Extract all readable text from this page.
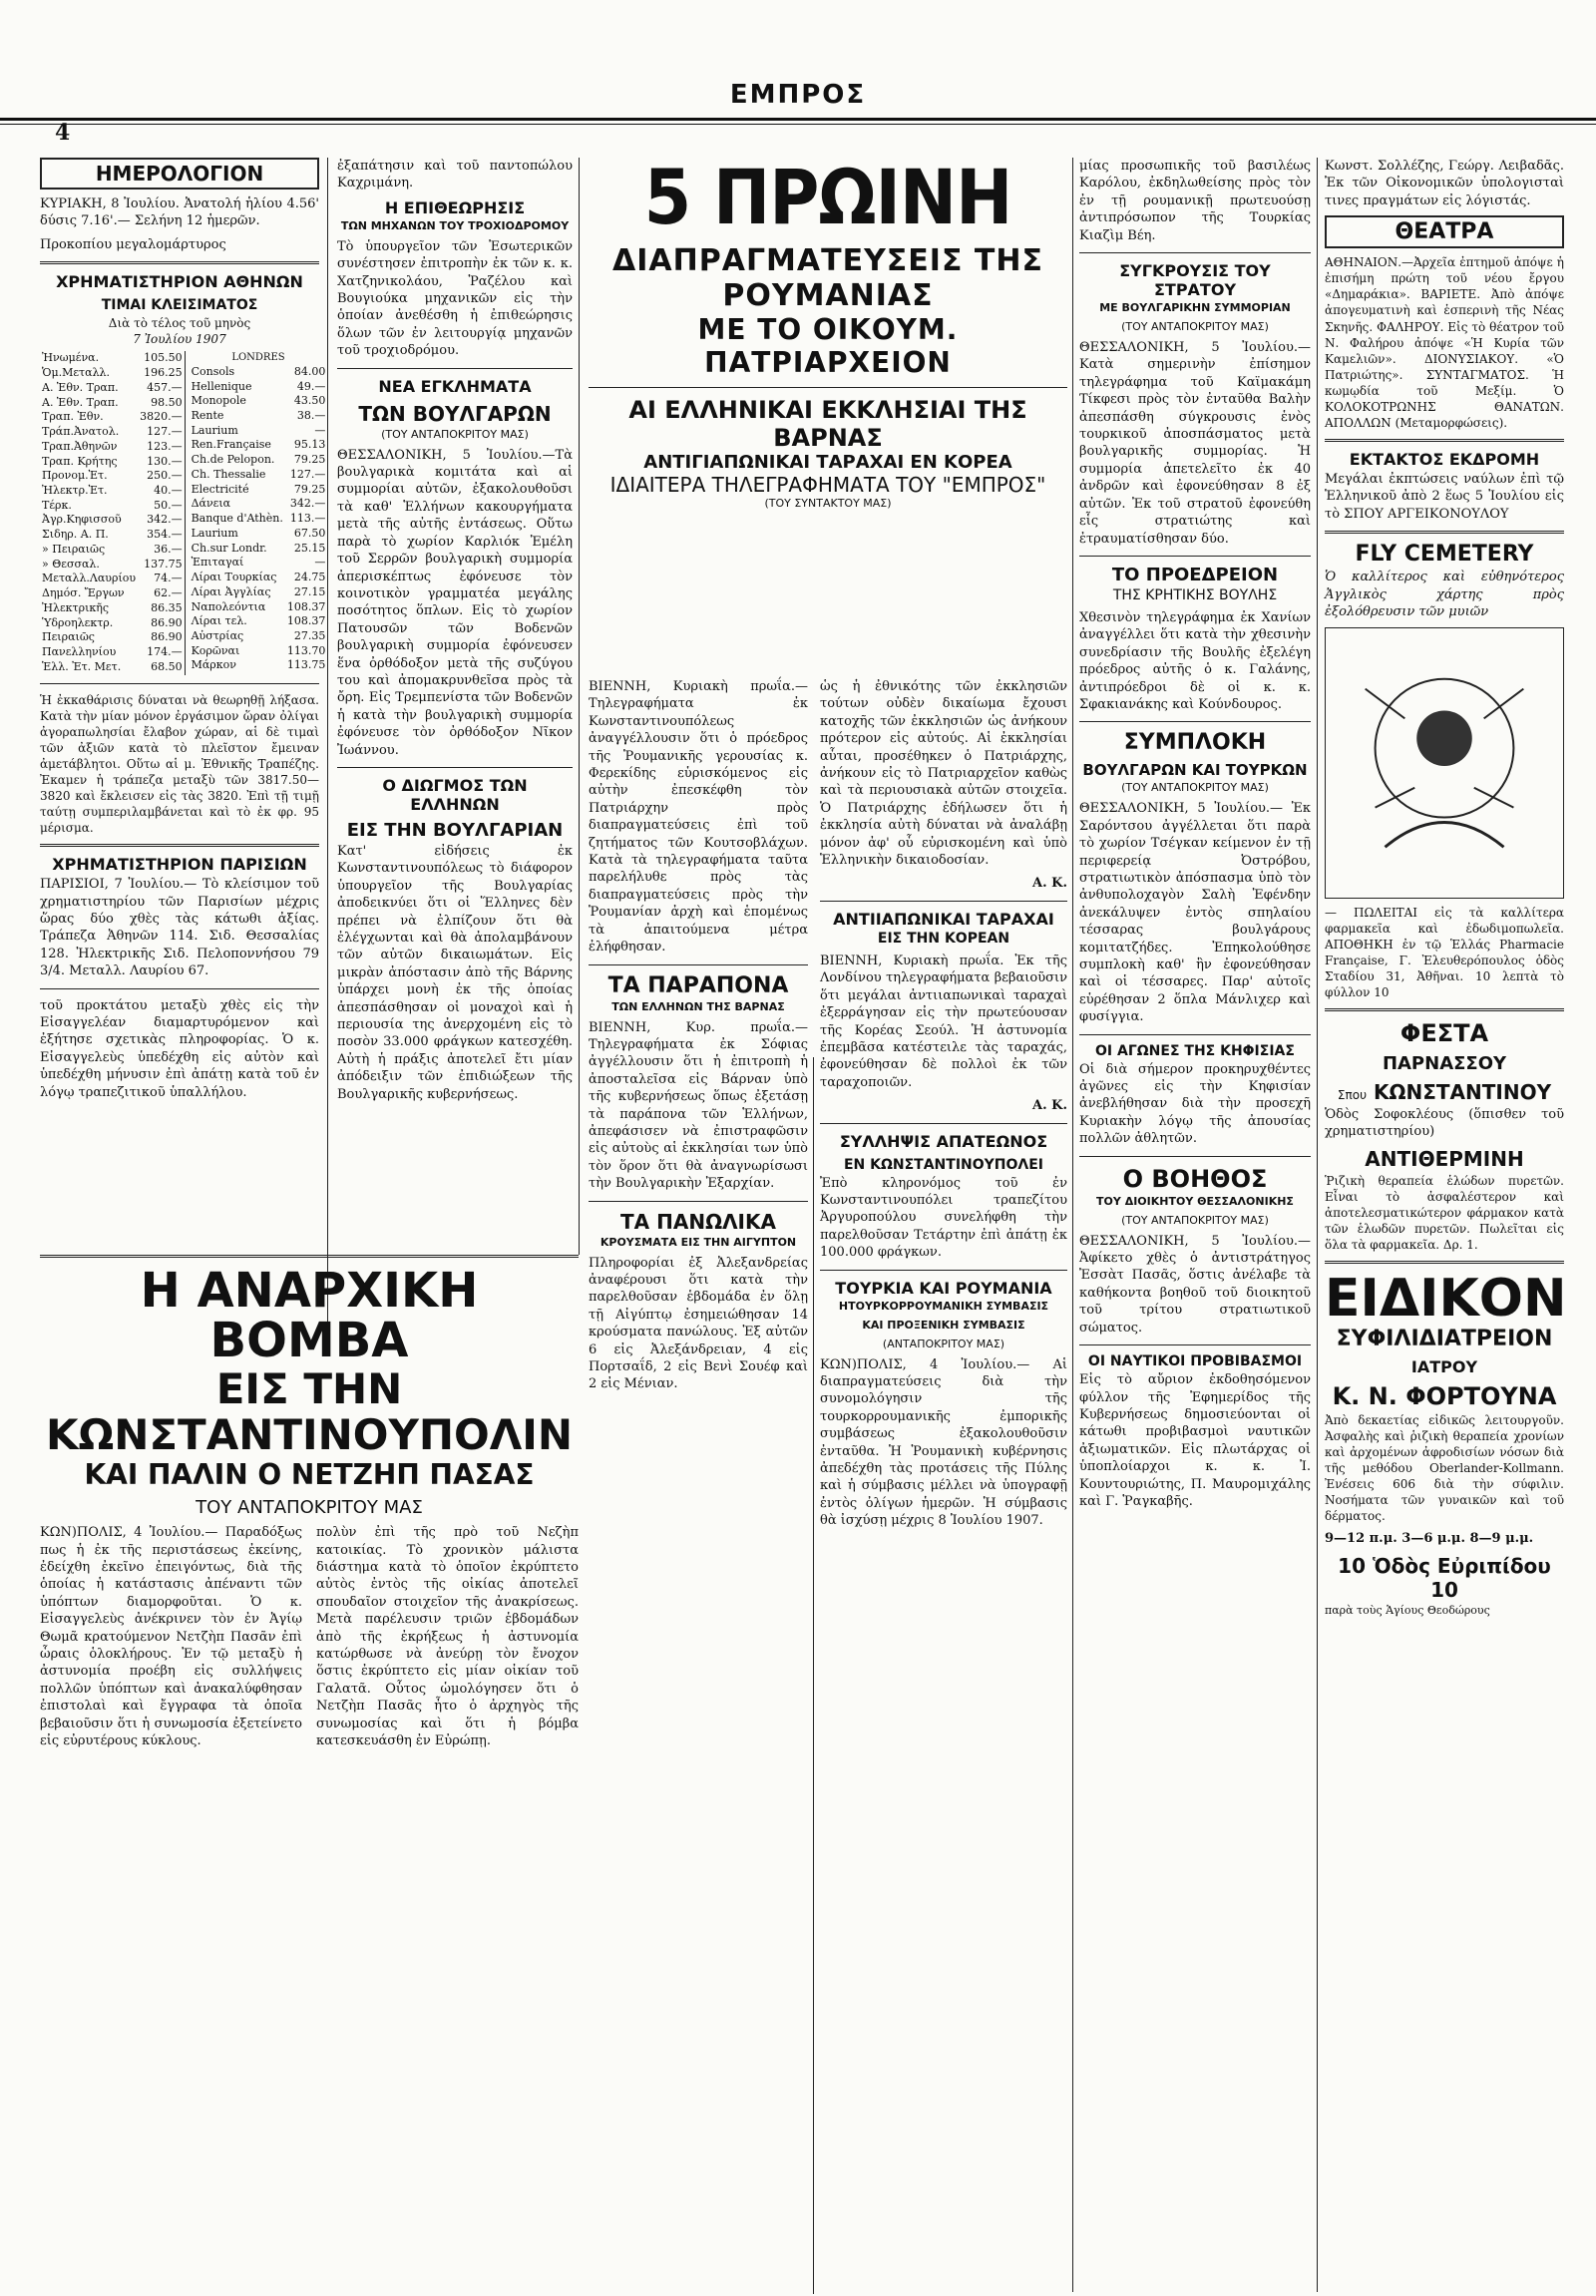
4
ΕΜΠΡΟΣ
ΗΜΕΡΟΛΟΓΙΟΝ

ΚΥΡΙΑΚΗ, 8 Ἰουλίου. Ἀνατολή ἡλίου 4.56' δύσις 7.16'.— Σελήνη 12 ἡμερῶν.

Προκοπίου μεγαλομάρτυρος

ΧΡΗΜΑΤΙΣΤΗΡΙΟΝ ΑΘΗΝΩΝ
ΤΙΜΑΙ ΚΛΕΙΣΙΜΑΤΟΣ
Διὰ τὸ τέλος τοῦ μηνὸς
7 Ἰουλίου 1907
Ἠνωμένα.	105.50
Ὁμ.Μεταλλ.	196.25
Α. Ἐθν. Τραπ.	457.—
Α. Ἐθν. Τραπ.	98.50
Τραπ. Ἐθν.	3820.—
Τράπ.Ἀνατολ.	127.—
Τραπ.Ἀθηνῶν	123.—
Τραπ. Κρήτης	130.—
Προνομ.Ἐτ.	250.—
Ἠλεκτρ.Ἐτ.	40.—
Τέρκ.	50.—
Ἀγρ.Κηφισσοῦ	342.—
Σιδηρ. Α. Π.	354.—
» Πειραιῶς	36.—
» Θεσσαλ.	137.75
Μεταλλ.Λαυρίου	74.—
Δημόσ. Ἔργων	62.—
Ἠλεκτρικῆς	86.35
Ὑδροηλεκτρ.	86.90
Πειραιῶς	86.90
Πανελληνίου	174.—
Ἑλλ. Ἐτ. Μετ.	68.50
LONDRES
Consols	84.00
Hellenique	49.—
Monopole	43.50
Rente	38.—
Laurium	—
Ren.Française	95.13
Ch.de Pelopon.	79.25
Ch. Thessalie	127.—
Electricité	79.25
Δάνεια	342.—
Banque d'Athèn.	113.—
Laurium	67.50
Ch.sur Londr.	25.15
Ἐπιταγαί	—
Λίραι Τουρκίας	24.75
Λίραι Ἀγγλίας	27.15
Ναπολεόντια	108.37
Λίραι τελ.	108.37
Αὐστρίας	27.35
Κορῶναι	113.70
Μάρκον	113.75

Ἡ ἐκκαθάρισις δύναται νὰ θεωρηθῇ λήξασα. Κατὰ τὴν μίαν μόνον ἐργάσιμον ὥραν ὀλίγαι ἀγοραπωλησίαι ἔλαβον χώραν, αἱ δὲ τιμαὶ τῶν ἀξιῶν κατὰ τὸ πλεῖστον ἔμειναν ἀμετάβλητοι. Οὕτω αἱ μ. Ἐθνικῆς Τραπέζης. Ἐκαμεν ἡ τράπεζα μεταξὺ τῶν 3817.50—3820 καὶ ἔκλεισεν εἰς τὰς 3820. Ἐπὶ τῇ τιμῇ ταύτῃ συμπεριλαμβάνεται καὶ τὸ ἐκ φρ. 95 μέρισμα.

ΧΡΗΜΑΤΙΣΤΗΡΙΟΝ ΠΑΡΙΣΙΩΝ

ΠΑΡΙΣΙΟΙ, 7 Ἰουλίου.— Τὸ κλείσιμον τοῦ χρηματιστηρίου τῶν Παρισίων μέχρις ὥρας δύο χθὲς τὰς κάτωθι ἀξίας. Τράπεζα Ἀθηνῶν 114. Σιδ. Θεσσαλίας 128. Ἠλεκτρικῆς Σιδ. Πελοποννήσου 79 3/4. Μεταλλ. Λαυρίου 67.

τοῦ προκτάτου μεταξὺ χθὲς εἰς τὴν Εἰσαγγελέαν διαμαρτυρόμενον καὶ ἐξήτησε σχετικὰς πληροφορίας. Ὁ κ. Εἰσαγγελεὺς ὑπεδέχθη εἰς αὐτὸν καὶ ὑπεδέχθη μήνυσιν ἐπὶ ἀπάτῃ κατὰ τοῦ ἐν λόγῳ τραπεζιτικοῦ ὑπαλλήλου.

ἐξαπάτησιν καὶ τοῦ παντοπώλου Καχριμάνη.

Η ΕΠΙΘΕΩΡΗΣΙΣ
ΤΩΝ ΜΗΧΑΝΩΝ ΤΟΥ ΤΡΟΧΙΟΔΡΟΜΟΥ

Τὸ ὑπουργεῖον τῶν Ἐσωτερικῶν συνέστησεν ἐπιτροπὴν ἐκ τῶν κ. κ. Χατζηνικολάου, Ῥαζέλου καὶ Βουγιούκα μηχανικῶν εἰς τὴν ὁποίαν ἀνεθέσθη ἡ ἐπιθεώρησις ὅλων τῶν ἐν λειτουργίᾳ μηχανῶν τοῦ τροχιοδρόμου.

ΝΕΑ ΕΓΚΛΗΜΑΤΑ
ΤΩΝ ΒΟΥΛΓΑΡΩΝ
(ΤΟΥ ΑΝΤΑΠΟΚΡΙΤΟΥ ΜΑΣ)

ΘΕΣΣΑΛΟΝΙΚΗ, 5 Ἰουλίου.—Τὰ βουλγαρικὰ κομιτάτα καὶ αἱ συμμορίαι αὐτῶν, ἐξακολουθοῦσι τὰ καθ' Ἑλλήνων κακουργήματα μετὰ τῆς αὐτῆς ἐντάσεως. Οὕτω παρὰ τὸ χωρίον Καρλιόκ Ἐμέλη τοῦ Σερρῶν βουλγαρικὴ συμμορία ἀπερισκέπτως ἐφόνευσε τὸν κοινοτικὸν γραμματέα μεγάλης ποσότητος ὅπλων. Εἰς τὸ χωρίον Πατουσῶν τῶν Βοδενῶν βουλγαρικὴ συμμορία ἐφόνευσεν ἕνα ὀρθόδοξον μετὰ τῆς συζύγου του καὶ ἀπομακρυνθεῖσα πρὸς τὰ ὄρη. Εἰς Τρεμπενίστα τῶν Βοδενῶν ἡ κατὰ τὴν βουλγαρικὴ συμμορία ἐφόνευσε τὸν ὀρθόδοξον Νῖκον Ἰωάννου.

Ο ΔΙΩΓΜΟΣ ΤΩΝ ΕΛΛΗΝΩΝ
ΕΙΣ ΤΗΝ ΒΟΥΛΓΑΡΙΑΝ

Κατ' εἰδήσεις ἐκ Κωνσταντινουπόλεως τὸ διάφορον ὑπουργεῖον τῆς Βουλγαρίας ἀποδεικνύει ὅτι οἱ Ἕλληνες δὲν πρέπει νὰ ἐλπίζουν ὅτι θὰ ἐλέγχωνται καὶ θὰ ἀπολαμβάνουν τῶν αὐτῶν δικαιωμάτων. Εἰς μικρὰν ἀπόστασιν ἀπὸ τῆς Βάρνης ὑπάρχει μονὴ ἐκ τῆς ὁποίας ἀπεσπάσθησαν οἱ μοναχοὶ καὶ ἡ περιουσία της ἀνερχομένη εἰς τὸ ποσὸν 33.000 φράγκων κατεσχέθη. Αὐτὴ ἡ πράξις ἀποτελεῖ ἔτι μίαν ἀπόδειξιν τῶν ἐπιδιώξεων τῆς Βουλγαρικῆς κυβερνήσεως.

5 ΠΡΩΙΝΗ
ΔΙΑΠΡΑΓΜΑΤΕΥΣΕΙΣ ΤΗΣ ΡΟΥΜΑΝΙΑΣ
ΜΕ ΤΟ ΟΙΚΟΥΜ. ΠΑΤΡΙΑΡΧΕΙΟΝ
ΑΙ ΕΛΛΗΝΙΚΑΙ ΕΚΚΛΗΣΙΑΙ ΤΗΣ ΒΑΡΝΑΣ
ΑΝΤΙΓΙΑΠΩΝΙΚΑΙ ΤΑΡΑΧΑΙ ΕΝ ΚΟΡΕΑ
ΙΔΙΑΙΤΕΡΑ ΤΗΛΕΓΡΑΦΗΜΑΤΑ ΤΟΥ "ΕΜΠΡΟΣ"
(ΤΟΥ ΣΥΝΤΑΚΤΟΥ ΜΑΣ)

ΒΙΕΝΝΗ, Κυριακὴ πρωΐα.— Τηλεγραφήματα ἐκ Κωνσταντινουπόλεως ἀναγγέλλουσιν ὅτι ὁ πρόεδρος τῆς Ῥουμανικῆς γερουσίας κ. Φερεκίδης εὑρισκόμενος εἰς αὐτὴν ἐπεσκέφθη τὸν Πατριάρχην πρὸς διαπραγματεύσεις ἐπὶ τοῦ ζητήματος τῶν Κουτσοβλάχων. Κατὰ τὰ τηλεγραφήματα ταῦτα παρελήλυθε πρὸς τὰς διαπραγματεύσεις πρὸς τὴν Ῥουμανίαν ἀρχὴ καὶ ἑπομένως τὰ ἀπαιτούμενα μέτρα ἐλήφθησαν.

ΤΑ ΠΑΡΑΠΟΝΑ
ΤΩΝ ΕΛΛΗΝΩΝ ΤΗΣ ΒΑΡΝΑΣ

ΒΙΕΝΝΗ, Κυρ. πρωΐα.— Τηλεγραφήματα ἐκ Σόφιας ἀγγέλλουσιν ὅτι ἡ ἐπιτροπὴ ἡ ἀποσταλεῖσα εἰς Βάρναν ὑπὸ τῆς κυβερνήσεως ὅπως ἐξετάσῃ τὰ παράπονα τῶν Ἑλλήνων, ἀπεφάσισεν νὰ ἐπιστραφῶσιν εἰς αὐτοὺς αἱ ἐκκλησίαι των ὑπὸ τὸν ὅρον ὅτι θὰ ἀναγνωρίσωσι τὴν Βουλγαρικὴν Ἐξαρχίαν.

ΤΑ ΠΑΝΩΛΙΚΑ
ΚΡΟΥΣΜΑΤΑ ΕΙΣ ΤΗΝ ΑΙΓΥΠΤΟΝ

Πληροφορίαι ἐξ Ἀλεξανδρείας ἀναφέρουσι ὅτι κατὰ τὴν παρελθοῦσαν ἑβδομάδα ἐν ὅλῃ τῇ Αἰγύπτῳ ἐσημειώθησαν 14 κρούσματα πανώλους. Ἐξ αὐτῶν 6 εἰς Ἀλεξάνδρειαν, 4 εἰς Πορτσαΐδ, 2 εἰς Βενὶ Σουέφ καὶ 2 εἰς Μένιαν.

ὡς ἡ ἐθνικότης τῶν ἐκκλησιῶν τούτων οὐδὲν δικαίωμα ἔχουσι κατοχῆς τῶν ἐκκλησιῶν ὡς ἀνήκουν πρότερον εἰς αὐτούς. Αἱ ἐκκλησίαι αὗται, προσέθηκεν ὁ Πατριάρχης, ἀνήκουν εἰς τὸ Πατριαρχεῖον καθὼς καὶ τὰ περιουσιακὰ αὐτῶν στοιχεῖα. Ὁ Πατριάρχης ἐδήλωσεν ὅτι ἡ ἐκκλησία αὐτὴ δύναται νὰ ἀναλάβῃ μόνον ἀφ' οὗ εὐρισκομένη καὶ ὑπὸ Ἑλληνικὴν δικαιοδοσίαν.

Α. Κ.
ΑΝΤΙΙΑΠΩΝΙΚΑΙ ΤΑΡΑΧΑΙ
ΕΙΣ ΤΗΝ ΚΟΡΕΑΝ

ΒΙΕΝΝΗ, Κυριακὴ πρωΐα. Ἐκ τῆς Λονδίνου τηλεγραφήματα βεβαιοῦσιν ὅτι μεγάλαι ἀντιιαπωνικαὶ ταραχαὶ ἐξερράγησαν εἰς τὴν πρωτεύουσαν τῆς Κορέας Σεούλ. Ἡ ἀστυνομία ἐπεμβᾶσα κατέστειλε τὰς ταραχάς, ἐφονεύθησαν δὲ πολλοὶ ἐκ τῶν ταραχοποιῶν.

Α. Κ.
ΣΥΛΛΗΨΙΣ ΑΠΑΤΕΩΝΟΣ
ΕΝ ΚΩΝΣΤΑΝΤΙΝΟΥΠΟΛΕΙ

Ἐπὸ κληρονόμος τοῦ ἐν Κωνσταντινουπόλει τραπεζίτου Ἀργυροπούλου συνελήφθη τὴν παρελθοῦσαν Τετάρτην ἐπὶ ἀπάτῃ ἐκ 100.000 φράγκων.

ΤΟΥΡΚΙΑ ΚΑΙ ΡΟΥΜΑΝΙΑ
ΗΤΟΥΡΚΟΡΡΟΥΜΑΝΙΚΗ ΣΥΜΒΑΣΙΣ
ΚΑΙ ΠΡΟΞΕΝΙΚΗ ΣΥΜΒΑΣΙΣ
(ΑΝΤΑΠΟΚΡΙΤΟΥ ΜΑΣ)

ΚΩΝ)ΠΟΛΙΣ, 4 Ἰουλίου.— Αἱ διαπραγματεύσεις διὰ τὴν συνομολόγησιν τῆς τουρκορρουμανικῆς ἐμπορικῆς συμβάσεως ἐξακολουθοῦσιν ἐνταῦθα. Ἡ Ῥουμανικὴ κυβέρνησις ἀπεδέχθη τὰς προτάσεις τῆς Πύλης καὶ ἡ σύμβασις μέλλει νὰ ὑπογραφῇ ἐντὸς ὀλίγων ἡμερῶν. Ἡ σύμβασις θὰ ἰσχύσῃ μέχρις 8 Ἰουλίου 1907.

Η ΑΝΑΡΧΙΚΗ ΒΟΜΒΑ
ΕΙΣ ΤΗΝ ΚΩΝΣΤΑΝΤΙΝΟΥΠΟΛΙΝ
ΚΑΙ ΠΑΛΙΝ Ο ΝΕΤΖΗΠ ΠΑΣΑΣ
ΤΟΥ ΑΝΤΑΠΟΚΡΙΤΟΥ ΜΑΣ

ΚΩΝ)ΠΟΛΙΣ, 4 Ἰουλίου.— Παραδόξως πως ἡ ἐκ τῆς περιστάσεως ἐκείνης, ἐδείχθη ἐκεῖνο ἐπειγόντως, διὰ τῆς ὁποίας ἡ κατάστασις ἀπέναντι τῶν ὑπόπτων διαμορφοῦται. Ὁ κ. Εἰσαγγελεὺς ἀνέκρινεν τὸν ἐν Ἀγίῳ Θωμᾶ κρατούμενον Νετζὴπ Πασᾶν ἐπὶ ὧραις ὁλοκλήρους. Ἐν τῷ μεταξὺ ἡ ἀστυνομία προέβη εἰς συλλήψεις πολλῶν ὑπόπτων καὶ ἀνακαλύφθησαν ἐπιστολαὶ καὶ ἔγγραφα τὰ ὁποῖα βεβαιοῦσιν ὅτι ἡ συνωμοσία ἐξετείνετο εἰς εὐρυτέρους κύκλους.

πολὺν ἐπὶ τῆς πρὸ τοῦ Νεζὴπ κατοικίας. Τὸ χρονικὸν μάλιστα διάστημα κατὰ τὸ ὁποῖον ἐκρύπτετο αὐτὸς ἐντὸς τῆς οἰκίας ἀποτελεῖ σπουδαῖον στοιχεῖον τῆς ἀνακρίσεως. Μετὰ παρέλευσιν τριῶν ἑβδομάδων ἀπὸ τῆς ἐκρήξεως ἡ ἀστυνομία κατώρθωσε νὰ ἀνεύρῃ τὸν ἔνοχον ὅστις ἐκρύπτετο εἰς μίαν οἰκίαν τοῦ Γαλατᾶ. Οὗτος ὡμολόγησεν ὅτι ὁ Νετζὴπ Πασᾶς ἦτο ὁ ἀρχηγὸς τῆς συνωμοσίας καὶ ὅτι ἡ βόμβα κατεσκευάσθη ἐν Εὐρώπῃ.

μίας προσωπικῆς τοῦ βασιλέως Καρόλου, ἐκδηλωθείσης πρὸς τὸν ἐν τῇ ρουμανικῇ πρωτευούσῃ ἀντιπρόσωπον τῆς Τουρκίας Κιαζὶμ Βέη.

ΣΥΓΚΡΟΥΣΙΣ ΤΟΥ ΣΤΡΑΤΟΥ
ΜΕ ΒΟΥΛΓΑΡΙΚΗΝ ΣΥΜΜΟΡΙΑΝ
(ΤΟΥ ΑΝΤΑΠΟΚΡΙΤΟΥ ΜΑΣ)

ΘΕΣΣΑΛΟΝΙΚΗ, 5 Ἰουλίου.— Κατὰ σημερινὴν ἐπίσημον τηλεγράφημα τοῦ Καϊμακάμη Τίκφεσι πρὸς τὸν ἐνταῦθα Βαλὴν ἀπεσπάσθη σύγκρουσις ἑνὸς τουρκικοῦ ἀποσπάσματος μετὰ βουλγαρικῆς συμμορίας. Ἡ συμμορία ἀπετελεῖτο ἐκ 40 ἀνδρῶν καὶ ἐφονεύθησαν 8 ἐξ αὐτῶν. Ἐκ τοῦ στρατοῦ ἐφονεύθη εἷς στρατιώτης καὶ ἐτραυματίσθησαν δύο.

ΤΟ ΠΡΟΕΔΡΕΙΟΝ
ΤΗΣ ΚΡΗΤΙΚΗΣ ΒΟΥΛΗΣ

Χθεσινὸν τηλεγράφημα ἐκ Χανίων ἀναγγέλλει ὅτι κατὰ τὴν χθεσινὴν συνεδρίασιν τῆς Βουλῆς ἐξελέγη πρόεδρος αὐτῆς ὁ κ. Γαλάνης, ἀντιπρόεδροι δὲ οἱ κ. κ. Σφακιανάκης καὶ Κούνδουρος.

ΣΥΜΠΛΟΚΗ
ΒΟΥΛΓΑΡΩΝ ΚΑΙ ΤΟΥΡΚΩΝ
(ΤΟΥ ΑΝΤΑΠΟΚΡΙΤΟΥ ΜΑΣ)

ΘΕΣΣΑΛΟΝΙΚΗ, 5 Ἰουλίου.— Ἐκ Σαρόντσου ἀγγέλλεται ὅτι παρὰ τὸ χωρίον Τσέγκαν κείμενον ἐν τῇ περιφερείᾳ Ὀστρόβου, στρατιωτικὸν ἀπόσπασμα ὑπὸ τὸν ἀνθυπολοχαγὸν Σαλὴ Ἐφένδην ἀνεκάλυψεν ἐντὸς σπηλαίου τέσσαρας βουλγάρους κομιτατζήδες. Ἐπηκολούθησε συμπλοκὴ καθ' ἣν ἐφονεύθησαν καὶ οἱ τέσσαρες. Παρ' αὐτοῖς εὑρέθησαν 2 ὅπλα Μάνλιχερ καὶ φυσίγγια.

ΟΙ ΑΓΩΝΕΣ ΤΗΣ ΚΗΦΙΣΙΑΣ

Οἱ διὰ σήμερον προκηρυχθέντες ἀγῶνες εἰς τὴν Κηφισίαν ἀνεβλήθησαν διὰ τὴν προσεχῆ Κυριακὴν λόγῳ τῆς ἀπουσίας πολλῶν ἀθλητῶν.

Ο ΒΟΗΘΟΣ
ΤΟΥ ΔΙΟΙΚΗΤΟΥ ΘΕΣΣΑΛΟΝΙΚΗΣ
(ΤΟΥ ΑΝΤΑΠΟΚΡΙΤΟΥ ΜΑΣ)

ΘΕΣΣΑΛΟΝΙΚΗ, 5 Ἰουλίου.— Ἀφίκετο χθὲς ὁ ἀντιστράτηγος Ἐσσὰτ Πασᾶς, ὅστις ἀνέλαβε τὰ καθήκοντα βοηθοῦ τοῦ διοικητοῦ τοῦ τρίτου στρατιωτικοῦ σώματος.

ΟΙ ΝΑΥΤΙΚΟΙ ΠΡΟΒΙΒΑΣΜΟΙ

Εἰς τὸ αὔριον ἐκδοθησόμενον φύλλον τῆς Ἐφημερίδος τῆς Κυβερνήσεως δημοσιεύονται οἱ κάτωθι προβιβασμοὶ ναυτικῶν ἀξιωματικῶν. Εἰς πλωτάρχας οἱ ὑποπλοίαρχοι κ. κ. Ἰ. Κουντουριώτης, Π. Μαυρομιχάλης καὶ Γ. Ῥαγκαβῆς.

Κωνστ. Σολλέζης, Γεώργ. Λειβαδᾶς. Ἐκ τῶν Οἰκονομικῶν ὑπολογισταὶ τινες πραγμάτων εἰς λόγιστάς.

ΘΕΑΤΡΑ

ΑΘΗΝΑΙΟΝ.—Ἀρχεῖα ἐπτημοῦ ἀπόψε ἡ ἐπισήμη πρώτη τοῦ νέου ἔργου «Δημαράκια». ΒΑΡΙΕΤΕ. Ἀπὸ ἀπόψε ἀπογευματινὴ καὶ ἑσπερινὴ τῆς Νέας Σκηνῆς. ΦΑΛΗΡΟΥ. Εἰς τὸ θέατρον τοῦ Ν. Φαλήρου ἀπόψε «Ἡ Κυρία τῶν Καμελιῶν». ΔΙΟΝΥΣΙΑΚΟΥ. «Ὁ Πατριώτης». ΣΥΝΤΑΓΜΑΤΟΣ. Ἡ κωμῳδία τοῦ Μεξίμ. Ὁ ΚΟΛΟΚΟΤΡΩΝΗΣ ΘΑΝΑΤΩΝ. ΑΠΟΛΛΩΝ (Μεταμορφώσεις).

ΕΚΤΑΚΤΟΣ ΕΚΔΡΟΜΗ

Μεγάλαι ἐκπτώσεις ναύλων ἐπὶ τῷ Ἑλληνικοῦ ἀπὸ 2 ἕως 5 Ἰουλίου εἰς τὸ ΣΠΟΥ ΑΡΓΕΙΚΟΝΟΥΛΟΥ

FLY CEMETERY

Ὁ καλλίτερος καὶ εὐθηνότερος Ἀγγλικὸς χάρτης πρὸς ἐξολόθρευσιν τῶν μυιῶν

— ΠΩΛΕΙΤΑΙ εἰς τὰ καλλίτερα φαρμακεῖα καὶ ἐδωδιμοπωλεῖα. ΑΠΟΘΗΚΗ ἐν τῷ Ἑλλάς Pharmacie Française, Γ. Ἐλευθερόπουλος ὁδὸς Σταδίου 31, Ἀθῆναι. 10 λεπτὰ τὸ φύλλον 10

ΦΕΣΤΑ
ΠΑΡΝΑΣΣΟΥ
Σπου ΚΩΝΣΤΑΝΤΙΝΟΥ

Ὁδὸς Σοφοκλέους (ὅπισθεν τοῦ χρηματιστηρίου)

ΑΝΤΙΘΕΡΜΙΝΗ

Ῥιζικὴ θεραπεία ἑλώδων πυρετῶν. Εἶναι τὸ ἀσφαλέστερον καὶ ἀποτελεσματικώτερον φάρμακον κατὰ τῶν ἑλωδῶν πυρετῶν. Πωλεῖται εἰς ὅλα τὰ φαρμακεῖα. Δρ. 1.

ΕΙΔΙΚΟΝ
ΣΥΦΙΛΙΔΙΑΤΡΕΙΟΝ
ΙΑΤΡΟΥ
Κ. Ν. ΦΟΡΤΟΥΝΑ

Ἀπὸ δεκαετίας εἰδικῶς λειτουργοῦν. Ἀσφαλὴς καὶ ῥιζικὴ θεραπεία χρονίων καὶ ἀρχομένων ἀφροδισίων νόσων διὰ τῆς μεθόδου Oberlander-Kollmann. Ἐνέσεις 606 διὰ τὴν σύφιλιν. Νοσήματα τῶν γυναικῶν καὶ τοῦ δέρματος.

9—12 π.μ. 3—6 μ.μ. 8—9 μ.μ.

10 Ὁδὸς Εὐριπίδου 10

παρὰ τοὺς Ἁγίους Θεοδώρους
